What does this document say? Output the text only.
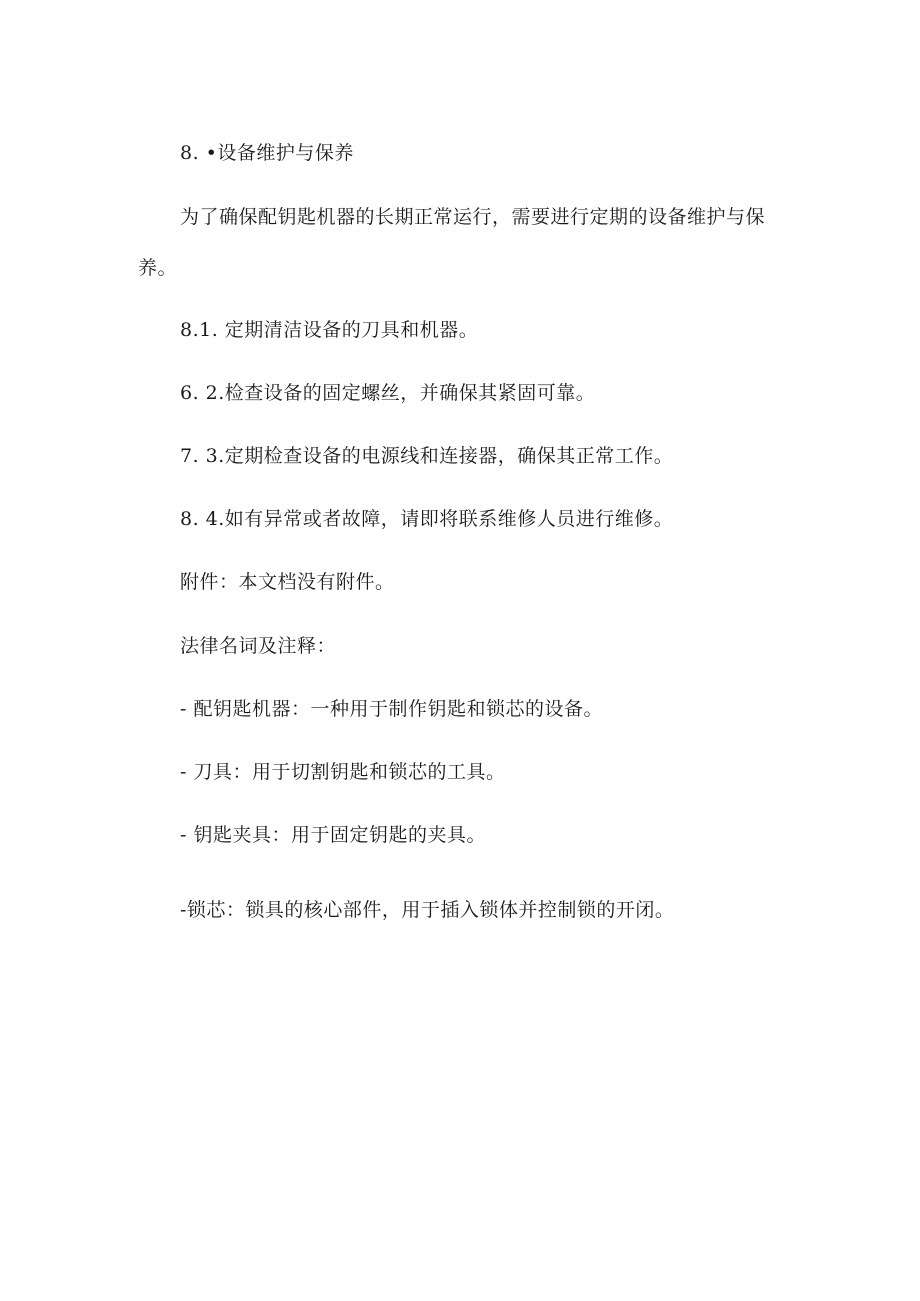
8. •设备维护与保养
为了确保配钥匙机器的长期正常运行，需要进行定期的设备维护与保
养。
8.1. 定期清洁设备的刀具和机器。
6. 2.检查设备的固定螺丝，并确保其紧固可靠。
7. 3.定期检查设备的电源线和连接器，确保其正常工作。
8. 4.如有异常或者故障，请即将联系维修人员进行维修。
附件：本文档没有附件。
法律名词及注释：
- 配钥匙机器：一种用于制作钥匙和锁芯的设备。
- 刀具：用于切割钥匙和锁芯的工具。
- 钥匙夹具：用于固定钥匙的夹具。
-锁芯：锁具的核心部件，用于插入锁体并控制锁的开闭。
